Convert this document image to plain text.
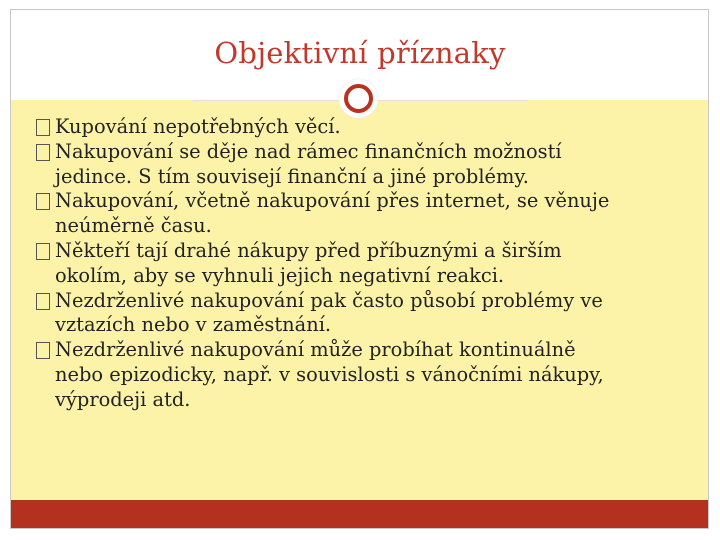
Objektivní příznaky
Kupování nepotřebných věcí.
Nakupování se děje nad rámec finančních možností
jedince. S tím souvisejí finanční a jiné problémy.
Nakupování, včetně nakupování přes internet, se věnuje
neúměrně času.
Někteří tají drahé nákupy před příbuznými a širším
okolím, aby se vyhnuli jejich negativní reakci.
Nezdrženlivé nakupování pak často působí problémy ve
vztazích nebo v zaměstnání.
Nezdrženlivé nakupování může probíhat kontinuálně
nebo epizodicky, např. v souvislosti s vánočními nákupy,
výprodeji atd.
